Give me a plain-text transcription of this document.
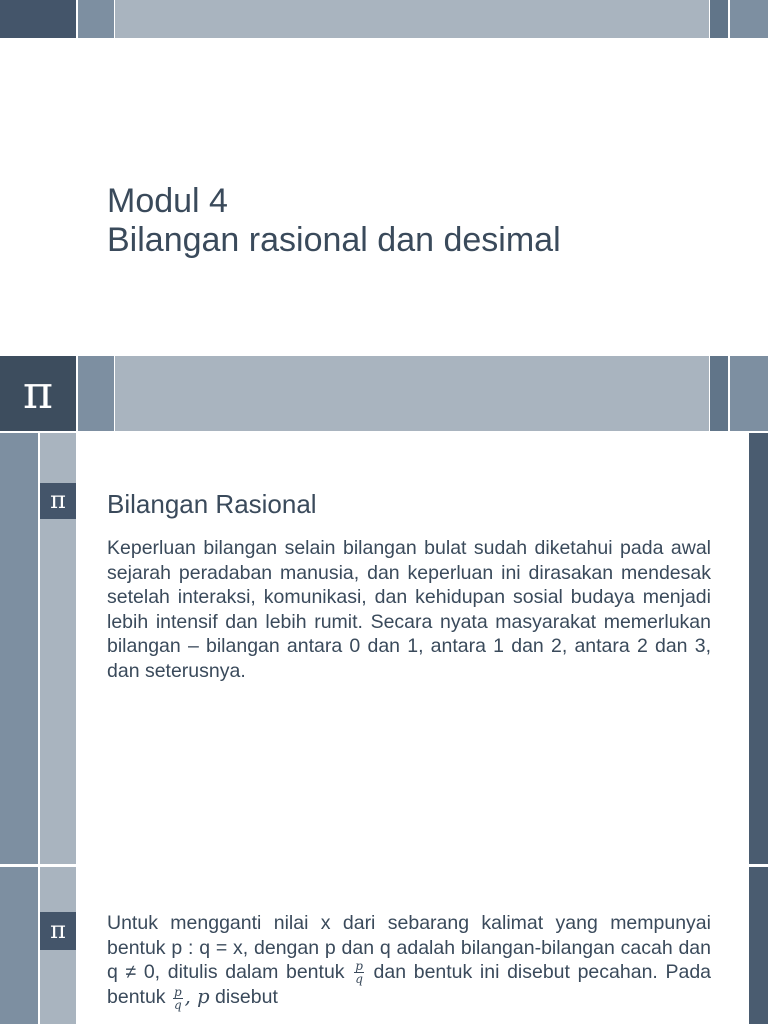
Modul 4
Bilangan rasional dan desimal
π
π	Bilangan Rasional
Keperluan bilangan selain bilangan bulat sudah diketahui pada awal sejarah peradaban manusia, dan keperluan ini dirasakan mendesak setelah interaksi, komunikasi, dan kehidupan sosial budaya menjadi lebih intensif dan lebih rumit. Secara nyata masyarakat memerlukan bilangan – bilangan antara 0 dan 1, antara 1 dan 2, antara 2 dan 3, dan seterusnya.
π	Untuk mengganti nilai x dari sebarang kalimat yang mempunyai bentuk p : q = x, dengan p dan q adalah bilangan-bilangan cacah dan q ≠ 0, ditulis dalam bentuk $\frac{p}{q}$ dan bentuk ini disebut pecahan. Pada bentuk $\frac{p}{q}$ , p disebut
